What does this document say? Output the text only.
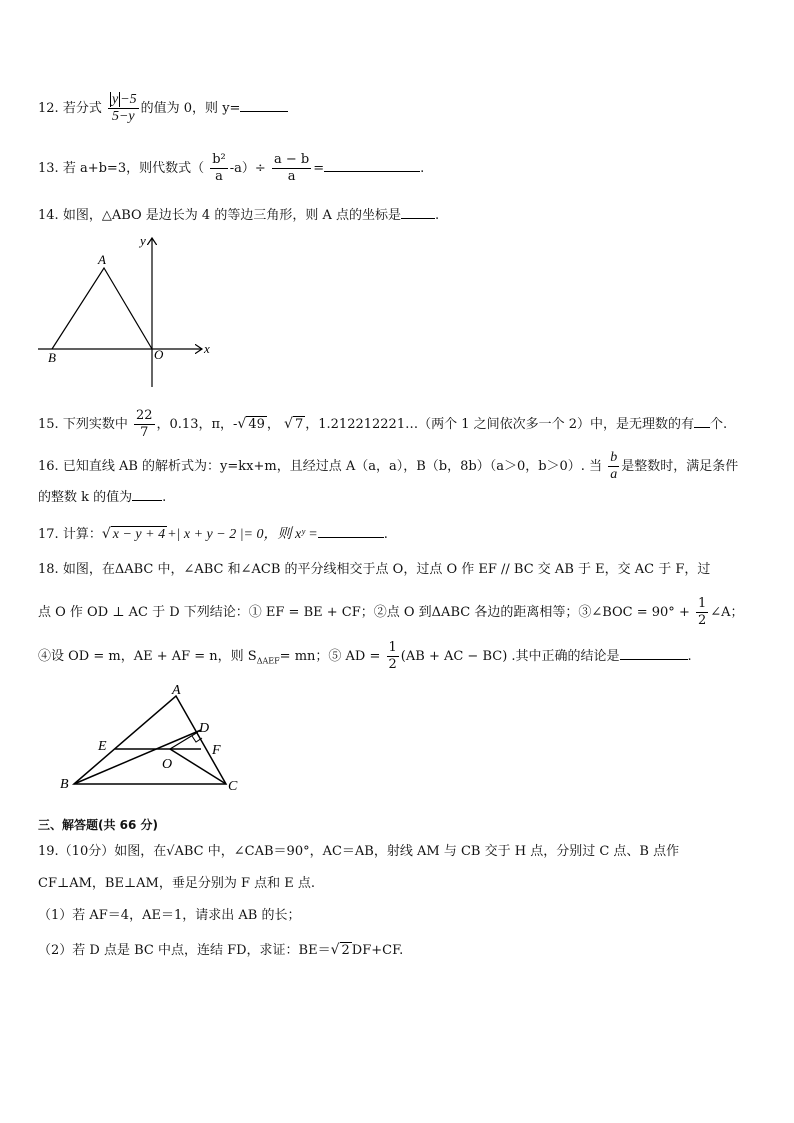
12. 若分式 $\frac{y -5}{5-y}$ 的值为 0，则 y=
13. 若 a+b=3，则代数式（ $\frac{\text{b²}}{a} -a)\div \frac{a - b}{a}$ =	.
14. 如图，△ABO 是边长为 4 的等边三角形，则 A 点的坐标是	.
A
B	O	x
y
15. 下列实数中 $\frac{22}{7}$ ，0.13，π，-√ 49 ， √ 7 ，1.212212221…（两个 1 之间依次多一个 2）中，是无理数的有 个.
16. 已知直线 AB 的解析式为：y=kx+m，且经过点 A（a，a），B（b，8b）（a＞0，b＞0）. 当 $\frac{b}{a}$ 是整数时，满足条件
的整数 k 的值为 .
17. 计算：√ x − y + 4 +| x + y − 2 |= 0，则 xʸ =	.
18. 如图，在ΔABC 中，∠ABC 和∠ACB 的平分线相交于点 O，过点 O 作 EF // BC 交 AB 于 E，交 AC 于 F，过
点 O 作 OD ⊥ AC 于 D 下列结论：① EF = BE + CF；②点 O 到ΔABC 各边的距离相等；③∠BOC = $90^\circ + \frac{1}{2}$ ∠A；
④设 OD = m，AE + AF = n，则 $S_{\Delta AEF}=$ mn；⑤ AD = $\frac{1}{2} (AB$ + AC − BC) .其中正确的结论是	.
A
B	C
D
E	F
O
三、解答题(共 66 分)
19.（10分）如图，在√ABC 中，∠CAB＝90°，AC＝AB，射线 AM 与 CB 交于 H 点，分别过 C 点、B 点作
CF⊥AM，BE⊥AM，垂足分别为 F 点和 E 点.
（1）若 AF＝4，AE＝1，请求出 AB 的长；
（2）若 D 点是 BC 中点，连结 FD，求证：BE＝√ 2 DF+CF.
